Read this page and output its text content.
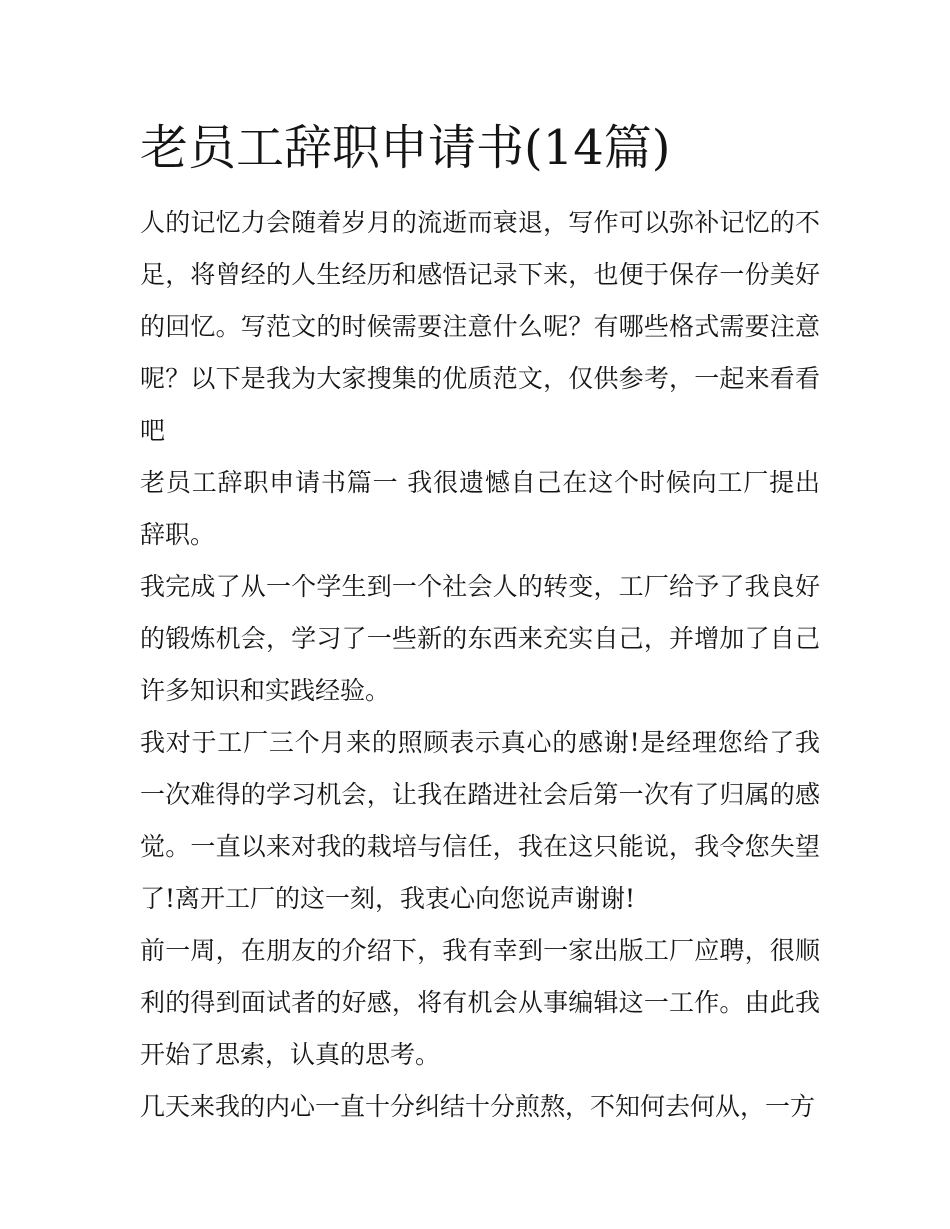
老员工辞职申请书(14篇)

人的记忆力会随着岁月的流逝而衰退，写作可以弥补记忆的不足，将曾经的人生经历和感悟记录下来，也便于保存一份美好的回忆。写范文的时候需要注意什么呢？有哪些格式需要注意呢？以下是我为大家搜集的优质范文，仅供参考，一起来看看吧

老员工辞职申请书篇一 我很遗憾自己在这个时候向工厂提出辞职。

我完成了从一个学生到一个社会人的转变，工厂给予了我良好的锻炼机会，学习了一些新的东西来充实自己，并增加了自己许多知识和实践经验。

我对于工厂三个月来的照顾表示真心的感谢!是经理您给了我一次难得的学习机会，让我在踏进社会后第一次有了归属的感觉。一直以来对我的栽培与信任，我在这只能说，我令您失望了!离开工厂的这一刻，我衷心向您说声谢谢!

前一周，在朋友的介绍下，我有幸到一家出版工厂应聘，很顺利的得到面试者的好感，将有机会从事编辑这一工作。由此我开始了思索，认真的思考。

几天来我的内心一直十分纠结十分煎熬，不知何去何从，一方
